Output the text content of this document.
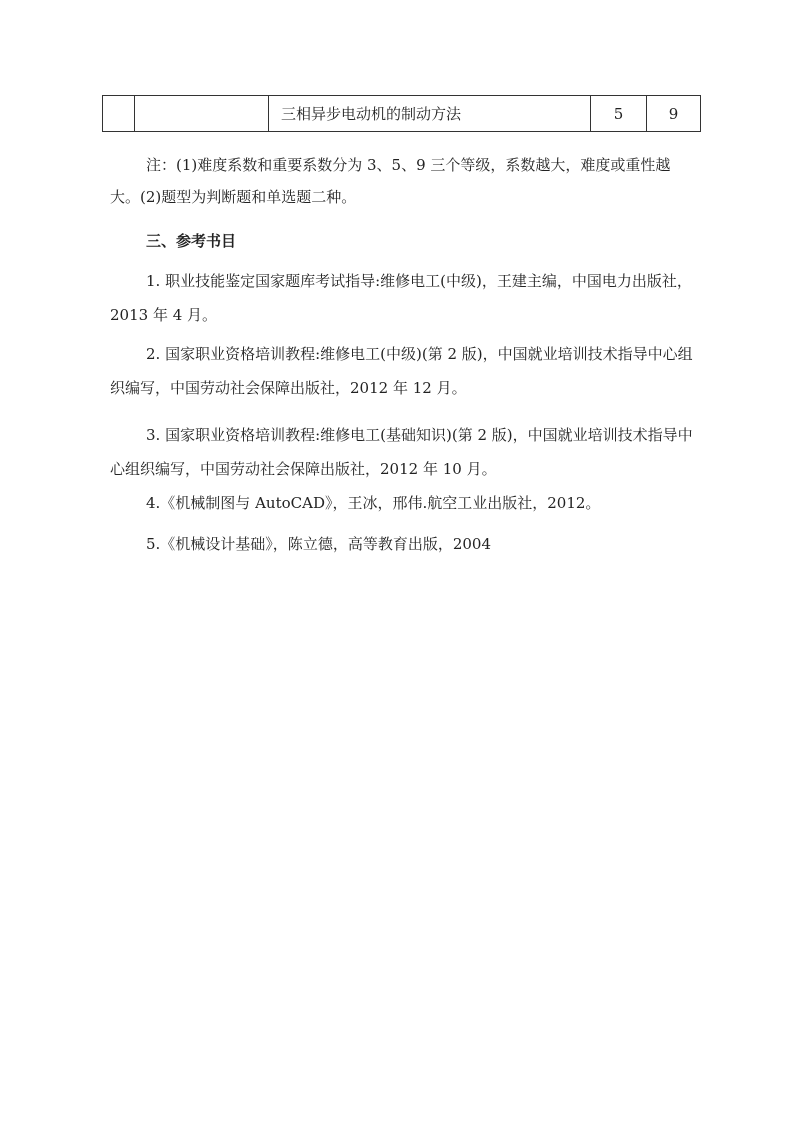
		三相异步电动机的制动方法	5	9

注：(1)难度系数和重要系数分为 3、5、9 三个等级，系数越大，难度或重性越大。(2)题型为判断题和单选题二种。

三、参考书目

1. 职业技能鉴定国家题库考试指导:维修电工(中级)，王建主编，中国电力出版社，2013 年 4 月。

2. 国家职业资格培训教程:维修电工(中级)(第 2 版)，中国就业培训技术指导中心组织编写，中国劳动社会保障出版社，2012 年 12 月。

3. 国家职业资格培训教程:维修电工(基础知识)(第 2 版)，中国就业培训技术指导中心组织编写，中国劳动社会保障出版社，2012 年 10 月。

4.《机械制图与 AutoCAD》，王冰，邢伟.航空工业出版社，2012。

5.《机械设计基础》，陈立德，高等教育出版，2004
